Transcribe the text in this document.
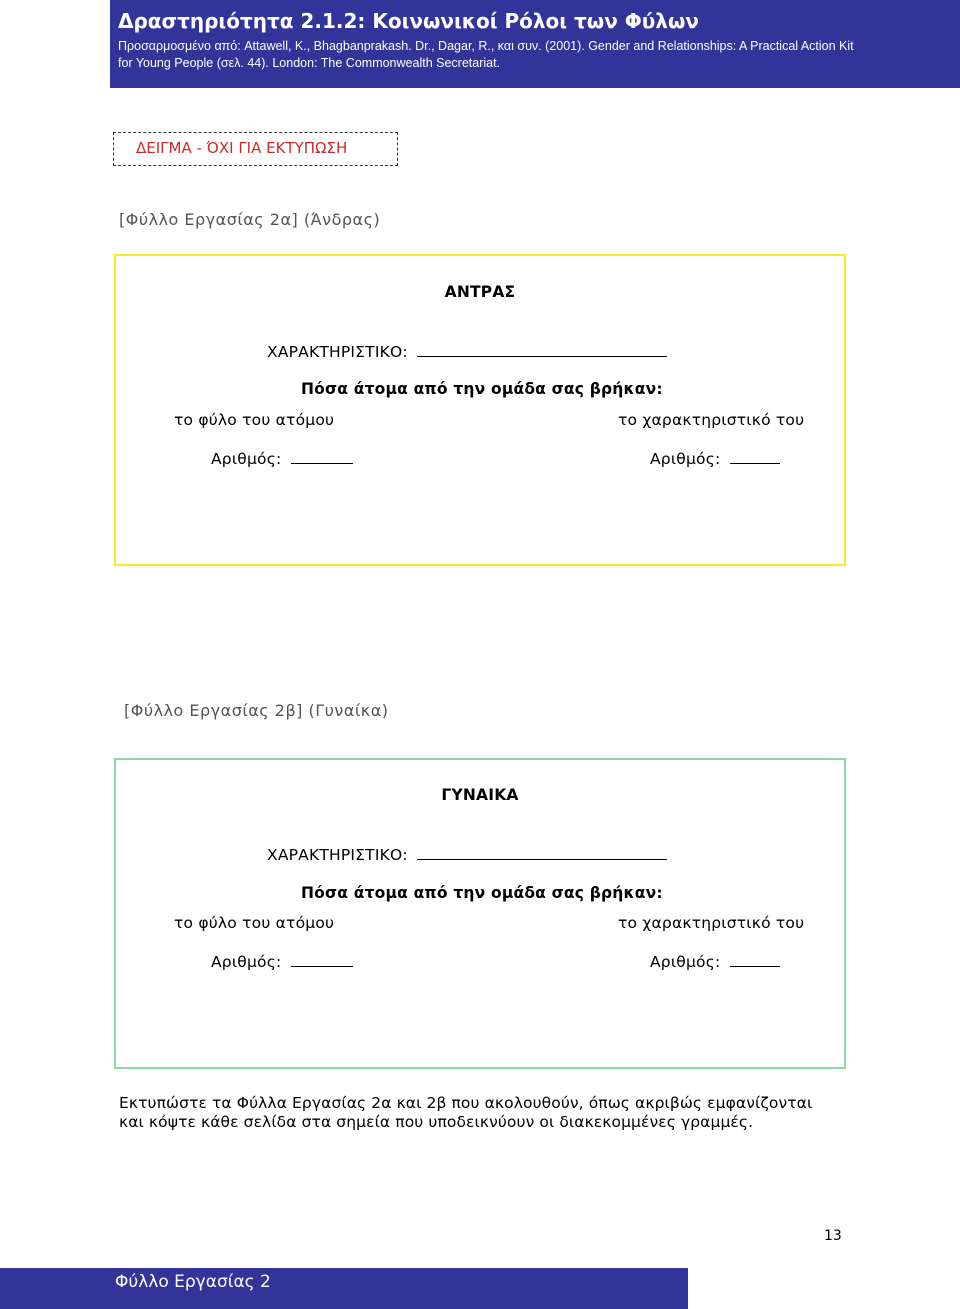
Δραστηριότητα 2.1.2: Κοινωνικοί Ρόλοι των Φύλων
Προσαρμοσμένο από: Attawell, K., Bhagbanprakash. Dr., Dagar, R., και συν. (2001). Gender and Relationships: A Practical Action Kit for Young People (σελ. 44). London: The Commonwealth Secretariat.
ΔΕΙΓΜΑ - ΌΧΙ ΓΙΑ ΕΚΤΥΠΩΣΗ
[Φύλλο Εργασίας 2α] (Άνδρας)
ΑΝΤΡΑΣ
ΧΑΡΑΚΤΗΡΙΣΤΙΚΟ:
Πόσα άτομα από την ομάδα σας βρήκαν:
το φύλο του ατόμου	το χαρακτηριστικό του
Αριθμός:	Αριθμός:
[Φύλλο Εργασίας 2β] (Γυναίκα)
ΓΥΝΑΙΚΑ
ΧΑΡΑΚΤΗΡΙΣΤΙΚΟ:
Πόσα άτομα από την ομάδα σας βρήκαν:
το φύλο του ατόμου	το χαρακτηριστικό του
Αριθμός:	Αριθμός:
Εκτυπώστε τα Φύλλα Εργασίας 2α και 2β που ακολουθούν, όπως ακριβώς εμφανίζονται και κόψτε κάθε σελίδα στα σημεία που υποδεικνύουν οι διακεκομμένες γραμμές.
13
Φύλλο Εργασίας 2
